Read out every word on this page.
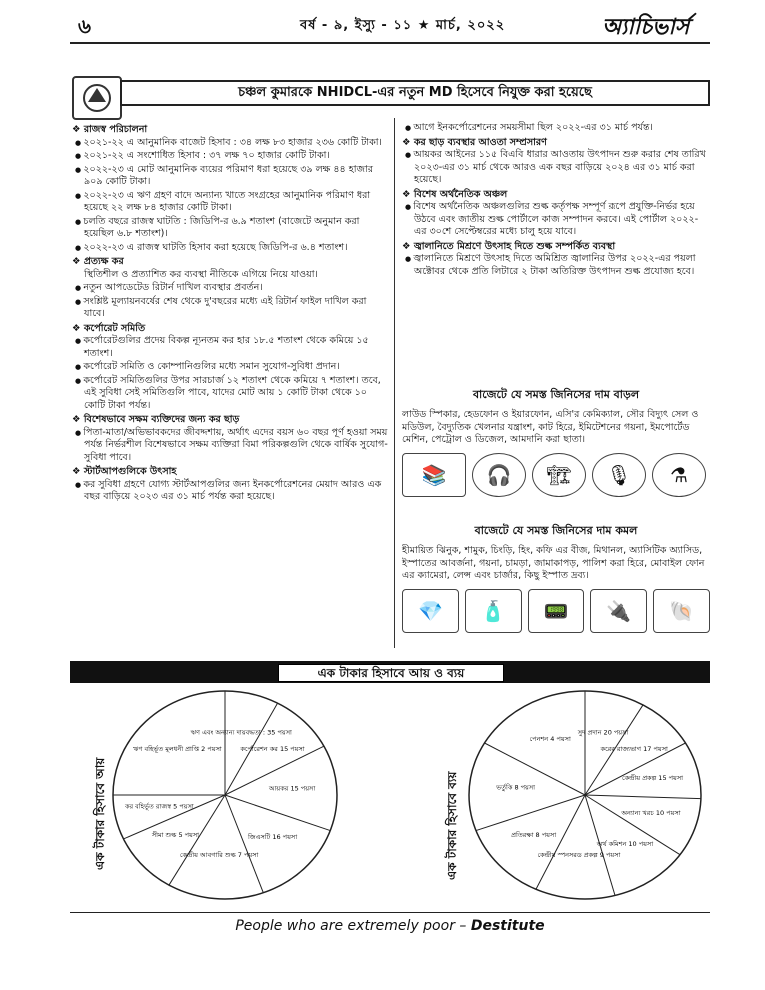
৬	বর্ষ - ৯, ইস্যু - ১১ ★ মার্চ, ২০২২	অ্যাচিভার্স
চঞ্চল কুমারকে NHIDCL-এর নতুন MD হিসেবে নিযুক্ত করা হয়েছে
❖ রাজস্ব পরিচালনা
● ২০২১-২২ এ আনুমানিক বাজেট হিসাব : ৩৪ লক্ষ ৮৩ হাজার ২৩৬ কোটি টাকা।
● ২০২১-২২ এ সংশোধিত হিসাব : ৩৭ লক্ষ ৭০ হাজার কোটি টাকা।
● ২০২২-২৩ এ মোট আনুমানিক ব্যয়ের পরিমাণ ধরা হয়েছে ৩৯ লক্ষ ৪৪ হাজার ৯০৯ কোটি টাকা।
● ২০২২-২৩ এ ঋণ গ্রহণ বাদে অন্যান্য খাতে সংগ্রহের আনুমানিক পরিমাণ ধরা হয়েছে ২২ লক্ষ ৮৪ হাজার কোটি টাকা।
● চলতি বছরে রাজস্ব ঘাটতি : জিডিপি-র ৬.৯ শতাংশ (বাজেটে অনুমান করা হয়েছিল ৬.৮ শতাংশ)।
● ২০২২-২৩ এ রাজস্ব ঘাটতি হিসাব করা হয়েছে জিডিপি-র ৬.৪ শতাংশ।
❖ প্রত্যক্ষ কর
স্থিতিশীল ও প্রত্যাশিত কর ব্যবস্থা নীতিকে এগিয়ে নিয়ে যাওয়া।
● নতুন আপডেটেড রিটার্ন দাখিল ব্যবস্থার প্রবর্তন।
● সংশ্লিষ্ট মূল্যায়নবর্ষের শেষ থেকে দু'বছরের মধ্যে এই রিটার্ন ফাইল দাখিল করা যাবে।
❖ কর্পোরেট সমিতি
● কর্পোরেটগুলির প্রদেয় বিকল্প ন্যূনতম কর হার ১৮.৫ শতাংশ থেকে কমিয়ে ১৫ শতাংশ।
● কর্পোরেট সমিতি ও কোম্পানিগুলির মধ্যে সমান সুযোগ-সুবিধা প্রদান।
● কর্পোরেট সমিতিগুলির উপর সারচার্জ ১২ শতাংশ থেকে কমিয়ে ৭ শতাংশ। তবে, এই সুবিধা সেই সমিতিগুলি পাবে, যাদের মোট আয় ১ কোটি টাকা থেকে ১০ কোটি টাকা পর্যন্ত।
❖ বিশেষভাবে সক্ষম ব্যক্তিদের জন্য কর ছাড়
● পিতা-মাতা/অভিভাবকদের জীবদ্দশায়, অর্থাৎ এদের বয়স ৬০ বছর পূর্ণ হওয়া সময় পর্যন্ত নির্ভরশীল বিশেষভাবে সক্ষম ব্যক্তিরা বিমা পরিকল্পগুলি থেকে বার্ষিক সুযোগ-সুবিধা পাবে।
❖ স্টার্টআপগুলিকে উৎসাহ
● কর সুবিধা গ্রহণে যোগ্য স্টার্টআপগুলির জন্য ইনকর্পোরেশনের মেয়াদ আরও এক বছর বাড়িয়ে ২০২৩ এর ৩১ মার্চ পর্যন্ত করা হয়েছে।
● আগে ইনকর্পোরেশনের সময়সীমা ছিল ২০২২-এর ৩১ মার্চ পর্যন্ত।
❖ কর ছাড় ব্যবস্থার আওতা সম্প্রসারণ
● আয়কর আইনের ১১৫ বিএবি ধারার আওতায় উৎপাদন শুরু করার শেষ তারিখ ২০২৩-এর ৩১ মার্চ থেকে আরও এক বছর বাড়িয়ে ২০২৪ এর ৩১ মার্চ করা হয়েছে।
❖ বিশেষ অর্থনৈতিক অঞ্চল
● বিশেষ অর্থনৈতিক অঞ্চলগুলির শুল্ক কর্তৃপক্ষ সম্পূর্ণ রূপে প্রযুক্তি-নির্ভর হয়ে উঠবে এবং জাতীয় শুল্ক পোর্টালে কাজ সম্পাদন করবে। এই পোর্টাল ২০২২-এর ৩০শে সেপ্টেম্বরের মধ্যে চালু হয়ে যাবে।
❖ জ্বালানিতে মিশ্রণে উৎসাহ দিতে শুল্ক সম্পর্কিত ব্যবস্থা
● জ্বালানিতে মিশ্রণে উৎসাহ দিতে অমিশ্রিত জ্বালানির উপর ২০২২-এর পয়লা অক্টোবর থেকে প্রতি লিটারে ২ টাকা অতিরিক্ত উৎপাদন শুল্ক প্রযোজ্য হবে।
বাজেটে যে সমস্ত জিনিসের দাম বাড়ল
লাউড স্পিকার, হেডফোন ও ইয়ারফোন, এসি'র কেমিক্যাল, সৌর বিদ্যুৎ সেল ও মডিউল, বৈদ্যুতিক খেলনার যন্ত্রাংশ, কাট হিরে, ইমিটেশনের গয়না, ইমপোর্টেড মেশিন, পেট্রোল ও ডিজেল, আমদানি করা ছাতা।
📚	🎧	🏗	🎙	⚗
বাজেটে যে সমস্ত জিনিসের দাম কমল
হীমায়িত ঝিনুক, শামুক, চিংড়ি, হিং, কফি এর বীজ, মিথানল, অ্যাসিটিক অ্যাসিড, ইস্পাতের আবর্জনা, গয়না, চামড়া, জামাকাপড়, পালিশ করা হিরে, মোবাইল ফোন এর ক্যামেরা, লেন্স এবং চার্জার, কিছু ইস্পাত দ্রব্য।
💎	🧴	📟	🔌	🐚
এক টাকার হিসাবে আয় ও ব্যয়
এক টাকার হিসাবে আয়
ঋণ এবং অন্যান্য দায়বদ্ধতা : 35 পয়সা
কর্পোরেশন কর 15 পয়সা
আয়কর 15 পয়সা
জিএসটি 16 পয়সা
কেন্দ্রীয় আবগারি শুল্ক 7 পয়সা
সীমা শুল্ক 5 পয়সা
কর বহির্ভূত রাজস্ব 5 পয়সা
ঋণ বহির্ভূত মূলধনী প্রাপ্তি 2 পয়সা
এক টাকার হিসাবে ব্যয়
সুদ প্রদান 20 পয়সা
করের রাজ্যভাগ 17 পয়সা
কেন্দ্রীয় প্রকল্প 15 পয়সা
অন্যান্য খরচ 10 পয়সা
অর্থ কমিশন 10 পয়সা
কেন্দ্রীয় স্পনসরড প্রকল্প 9 পয়সা
প্রতিরক্ষা 8 পয়সা
ভর্তুকি 8 পয়সা
পেনশন 4 পয়সা
People who are extremely poor – Destitute
